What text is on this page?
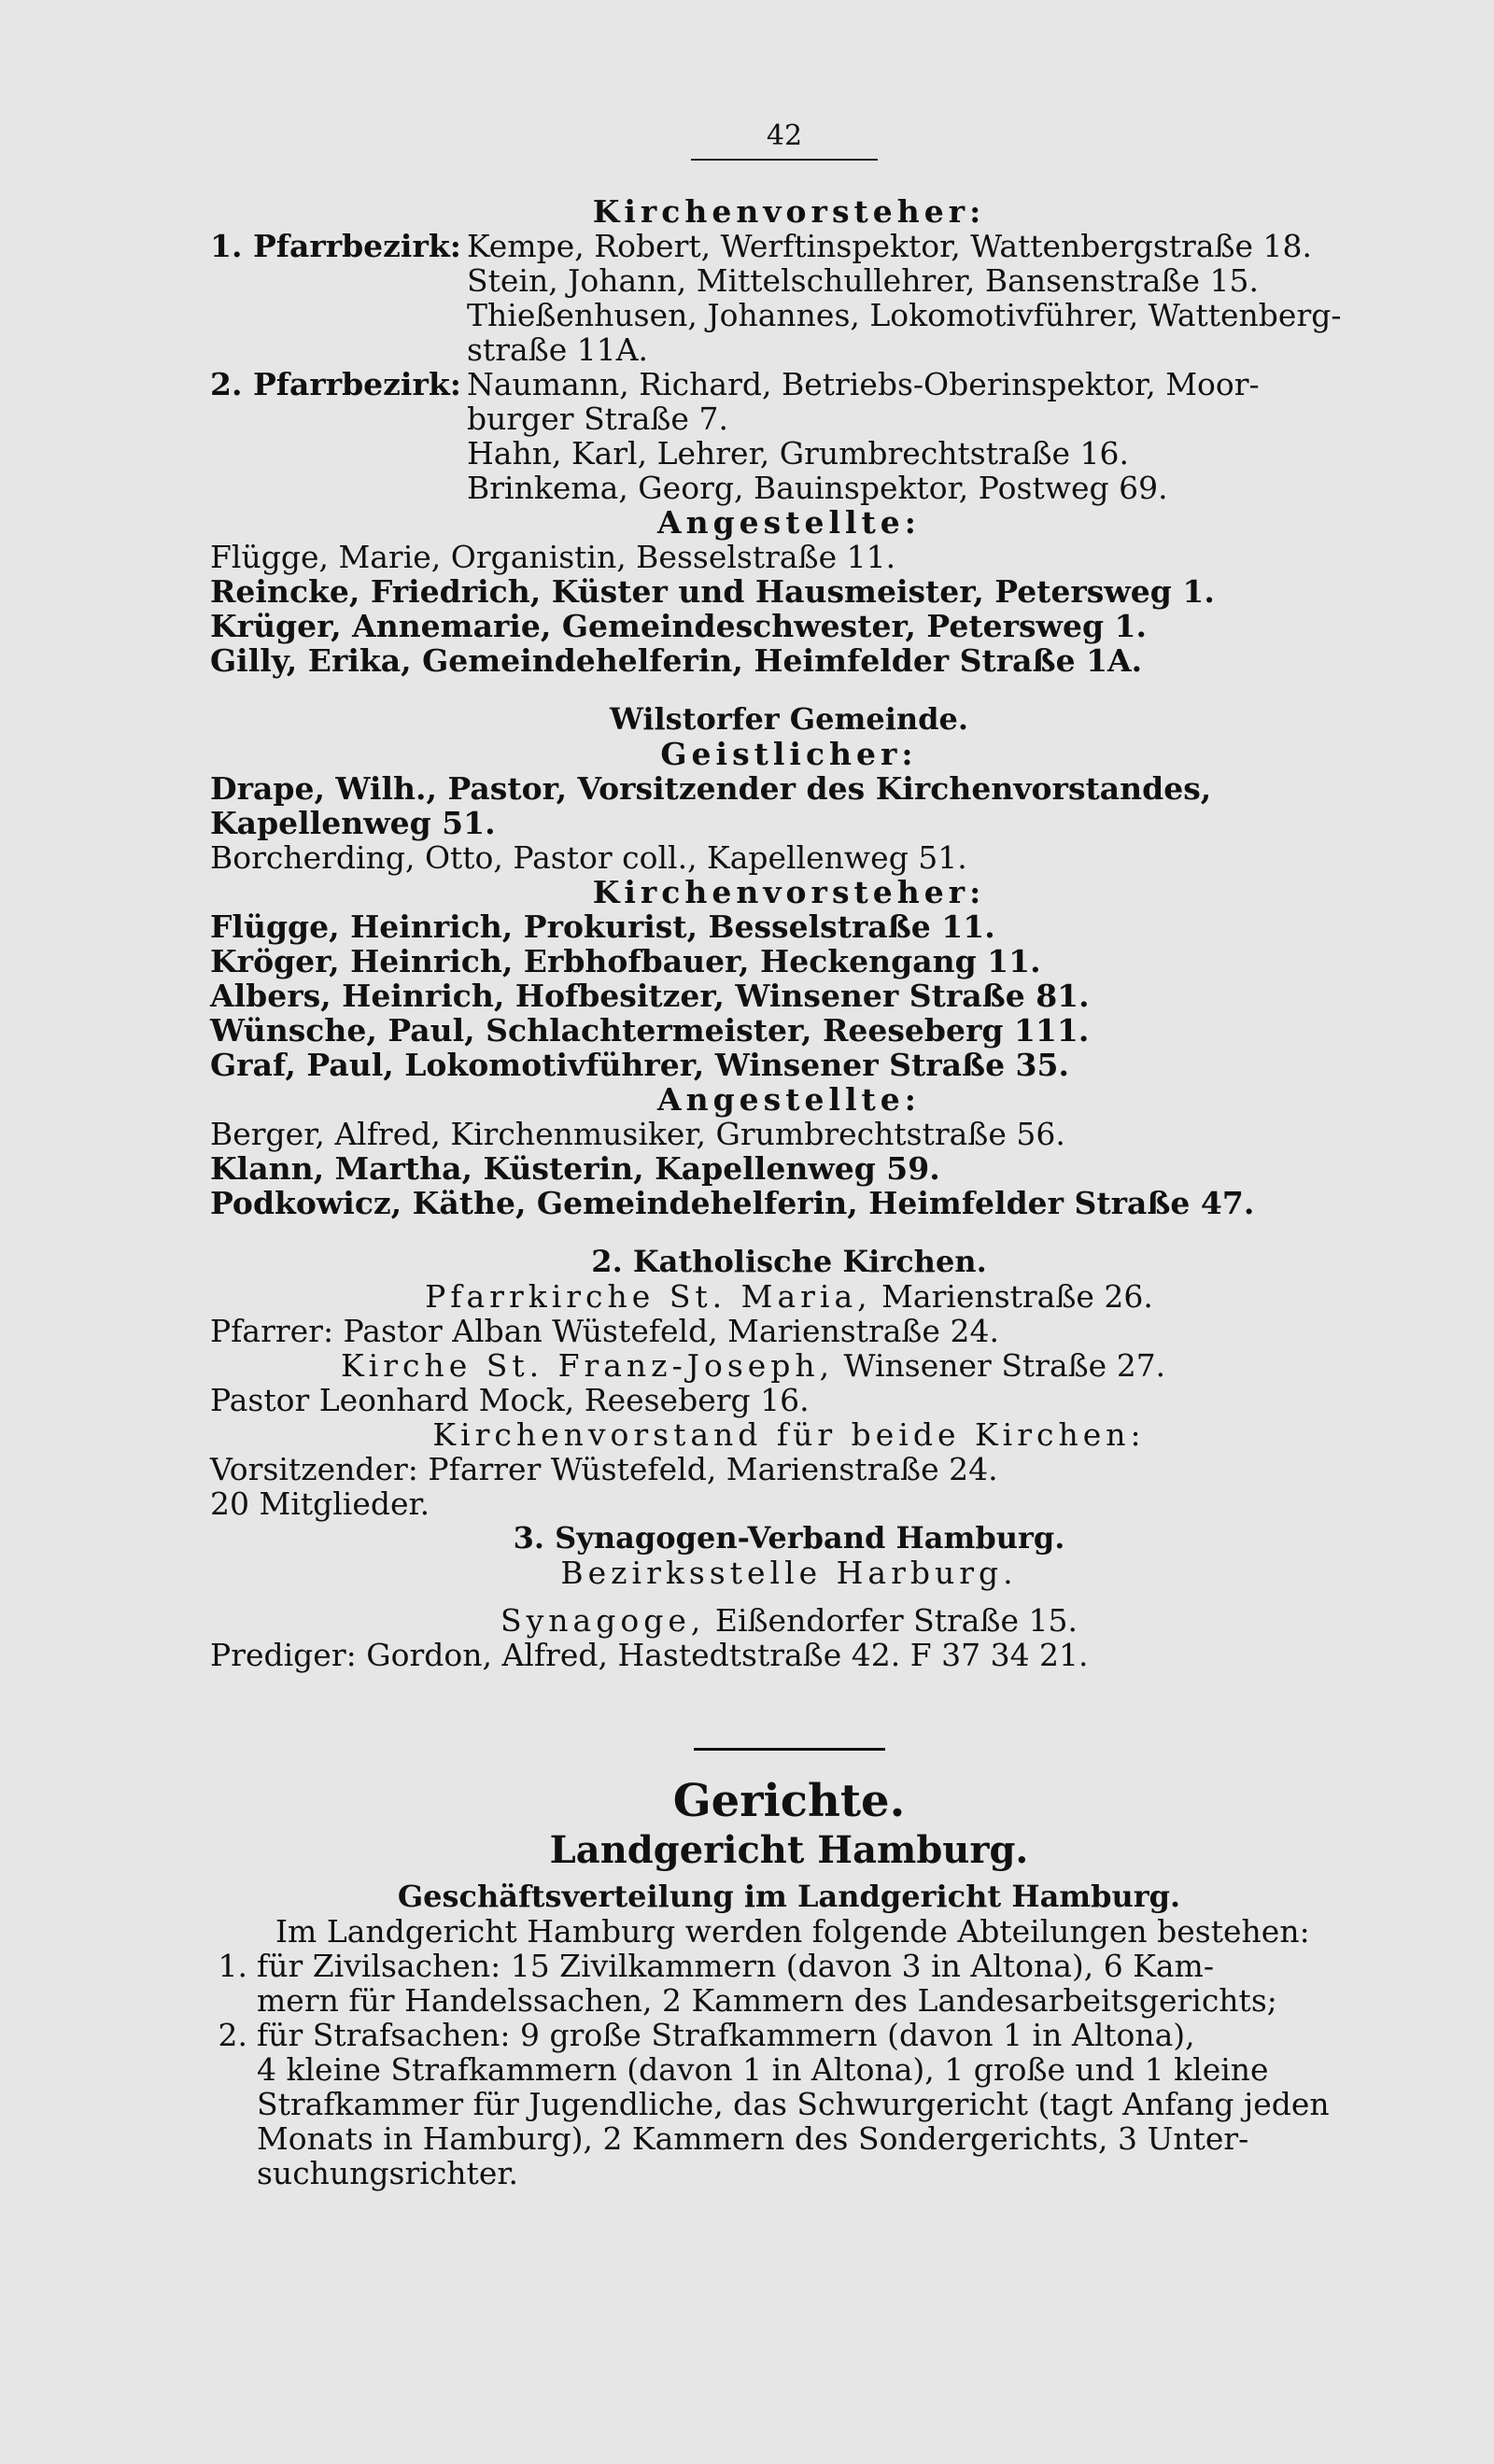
42
Kirchenvorsteher:
1. Pfarrbezirk: Kempe, Robert, Werftinspektor, Wattenbergstraße 18.
Stein, Johann, Mittelschullehrer, Bansenstraße 15.
Thießenhusen, Johannes, Lokomotivführer, Wattenberg-
straße 11A.
2. Pfarrbezirk: Naumann, Richard, Betriebs-Oberinspektor, Moor-
burger Straße 7.
Hahn, Karl, Lehrer, Grumbrechtstraße 16.
Brinkema, Georg, Bauinspektor, Postweg 69.
Angestellte:
Flügge, Marie, Organistin, Besselstraße 11.
Reincke, Friedrich, Küster und Hausmeister, Petersweg 1.
Krüger, Annemarie, Gemeindeschwester, Petersweg 1.
Gilly, Erika, Gemeindehelferin, Heimfelder Straße 1A.
Wilstorfer Gemeinde.
Geistlicher:
Drape, Wilh., Pastor, Vorsitzender des Kirchenvorstandes, Kapellenweg 51.
Borcherding, Otto, Pastor coll., Kapellenweg 51.
Kirchenvorsteher:
Flügge, Heinrich, Prokurist, Besselstraße 11.
Kröger, Heinrich, Erbhofbauer, Heckengang 11.
Albers, Heinrich, Hofbesitzer, Winsener Straße 81.
Wünsche, Paul, Schlachtermeister, Reeseberg 111.
Graf, Paul, Lokomotivführer, Winsener Straße 35.
Angestellte:
Berger, Alfred, Kirchenmusiker, Grumbrechtstraße 56.
Klann, Martha, Küsterin, Kapellenweg 59.
Podkowicz, Käthe, Gemeindehelferin, Heimfelder Straße 47.
2. Katholische Kirchen.
Pfarrkirche St. Maria, Marienstraße 26.
Pfarrer: Pastor Alban Wüstefeld, Marienstraße 24.
Kirche St. Franz-Joseph, Winsener Straße 27.
Pastor Leonhard Mock, Reeseberg 16.
Kirchenvorstand für beide Kirchen:
Vorsitzender: Pfarrer Wüstefeld, Marienstraße 24.
20 Mitglieder.
3. Synagogen-Verband Hamburg.
Bezirksstelle Harburg.
Synagoge, Eißendorfer Straße 15.
Prediger: Gordon, Alfred, Hastedtstraße 42. F 37 34 21.
Gerichte.
Landgericht Hamburg.
Geschäftsverteilung im Landgericht Hamburg.
Im Landgericht Hamburg werden folgende Abteilungen bestehen:
1. für Zivilsachen: 15 Zivilkammern (davon 3 in Altona), 6 Kam-
mern für Handelssachen, 2 Kammern des Landesarbeitsgerichts;
2. für Strafsachen: 9 große Strafkammern (davon 1 in Altona),
4 kleine Strafkammern (davon 1 in Altona), 1 große und 1 kleine
Strafkammer für Jugendliche, das Schwurgericht (tagt Anfang jeden
Monats in Hamburg), 2 Kammern des Sondergerichts, 3 Unter-
suchungsrichter.
